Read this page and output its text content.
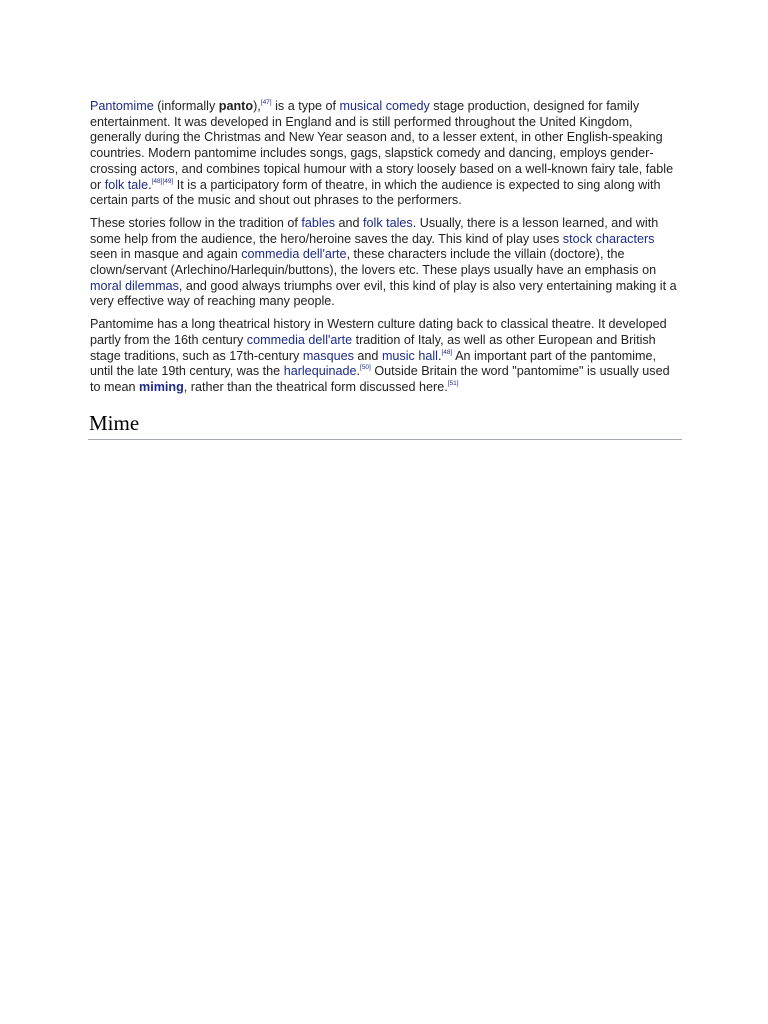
Pantomime (informally panto),[47] is a type of musical comedy stage production, designed for family entertainment. It was developed in England and is still performed throughout the United Kingdom, generally during the Christmas and New Year season and, to a lesser extent, in other English-speaking countries. Modern pantomime includes songs, gags, slapstick comedy and dancing, employs gender-crossing actors, and combines topical humour with a story loosely based on a well-known fairy tale, fable or folk tale.[48][49] It is a participatory form of theatre, in which the audience is expected to sing along with certain parts of the music and shout out phrases to the performers.

These stories follow in the tradition of fables and folk tales. Usually, there is a lesson learned, and with some help from the audience, the hero/heroine saves the day. This kind of play uses stock characters seen in masque and again commedia dell'arte, these characters include the villain (doctore), the clown/servant (Arlechino/Harlequin/buttons), the lovers etc. These plays usually have an emphasis on moral dilemmas, and good always triumphs over evil, this kind of play is also very entertaining making it a very effective way of reaching many people.

Pantomime has a long theatrical history in Western culture dating back to classical theatre. It developed partly from the 16th century commedia dell'arte tradition of Italy, as well as other European and British stage traditions, such as 17th-century masques and music hall.[48] An important part of the pantomime, until the late 19th century, was the harlequinade.[50] Outside Britain the word "pantomime" is usually used to mean miming, rather than the theatrical form discussed here.[51]

Mime
